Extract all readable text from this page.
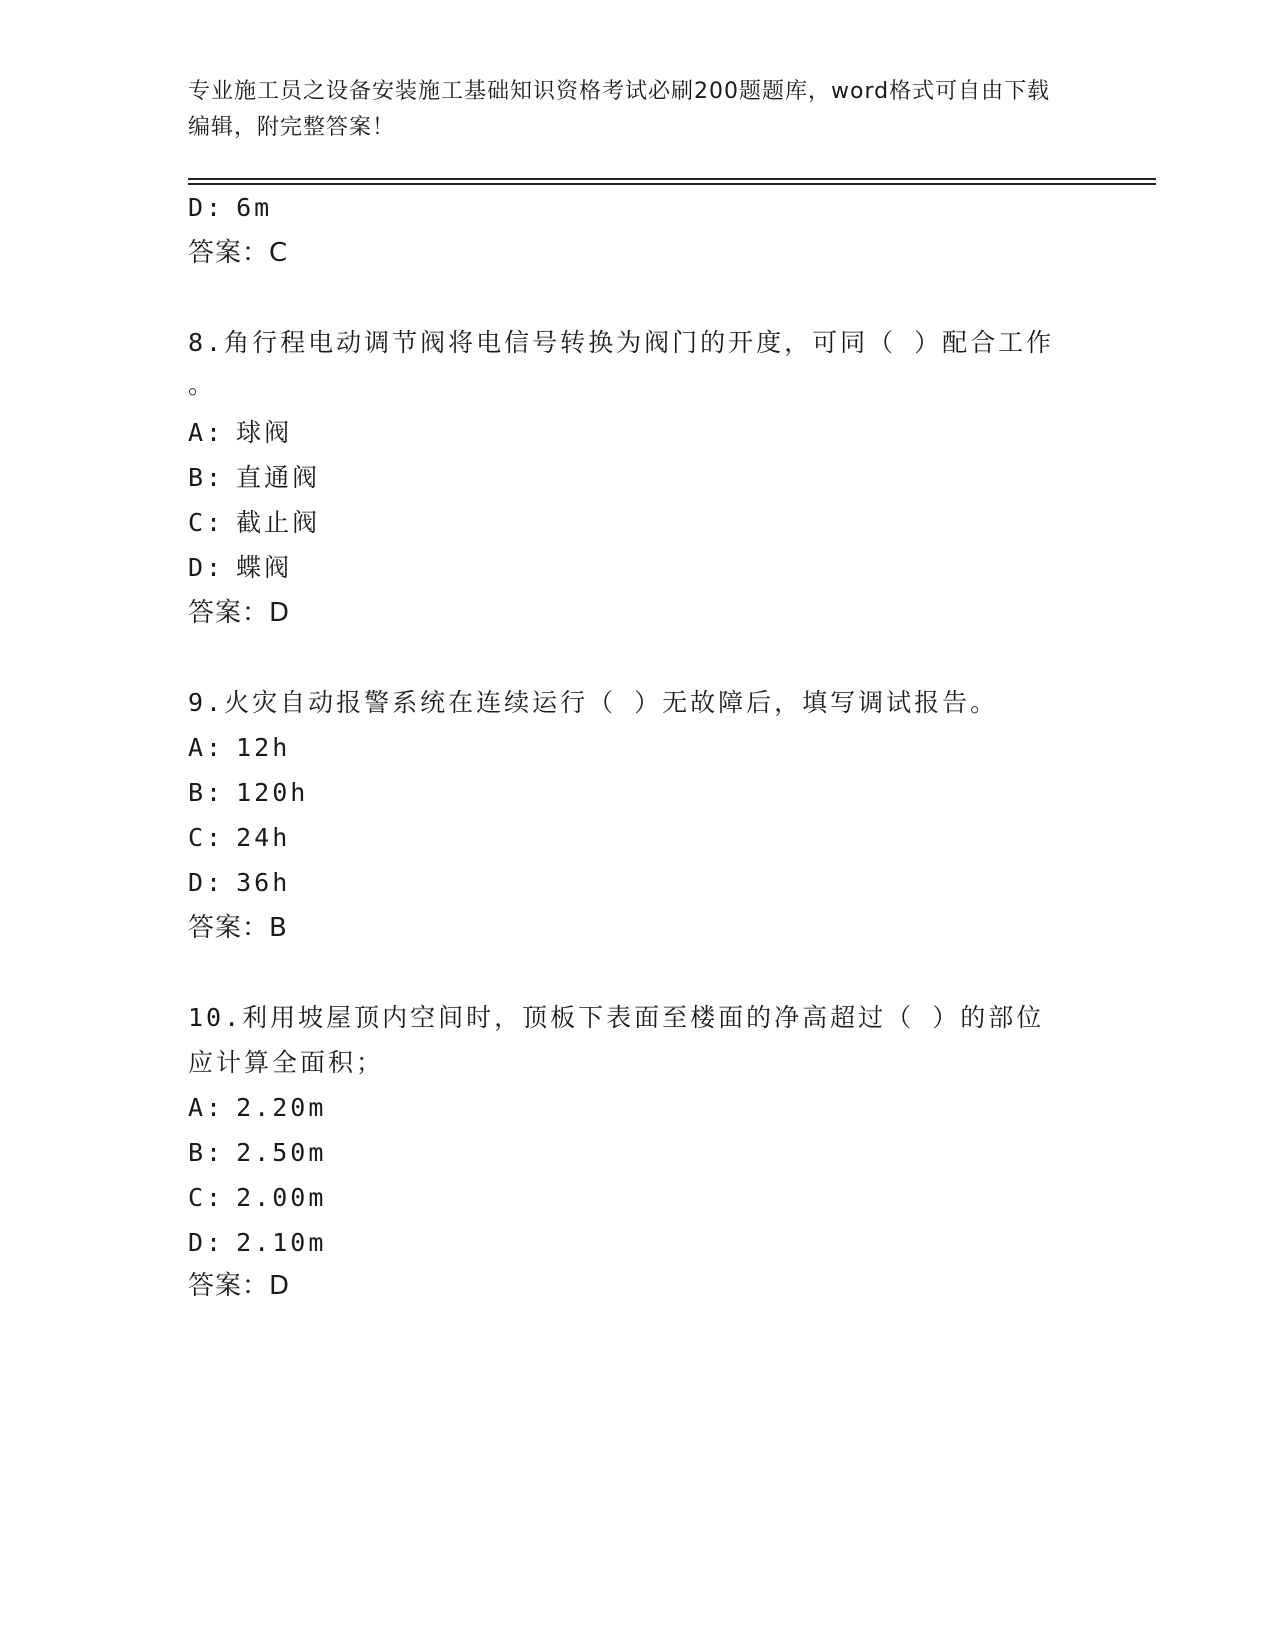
专业施工员之设备安装施工基础知识资格考试必刷200题题库，word格式可自由下载编辑，附完整答案！
D: 6m
答案：C
8.角行程电动调节阀将电信号转换为阀门的开度，可同（ ）配合工作
。
A: 球阀
B: 直通阀
C: 截止阀
D: 蝶阀
答案：D
9.火灾自动报警系统在连续运行（ ）无故障后，填写调试报告。
A: 12h
B: 120h
C: 24h
D: 36h
答案：B
10.利用坡屋顶内空间时，顶板下表面至楼面的净高超过（ ）的部位
应计算全面积；
A: 2.20m
B: 2.50m
C: 2.00m
D: 2.10m
答案：D
